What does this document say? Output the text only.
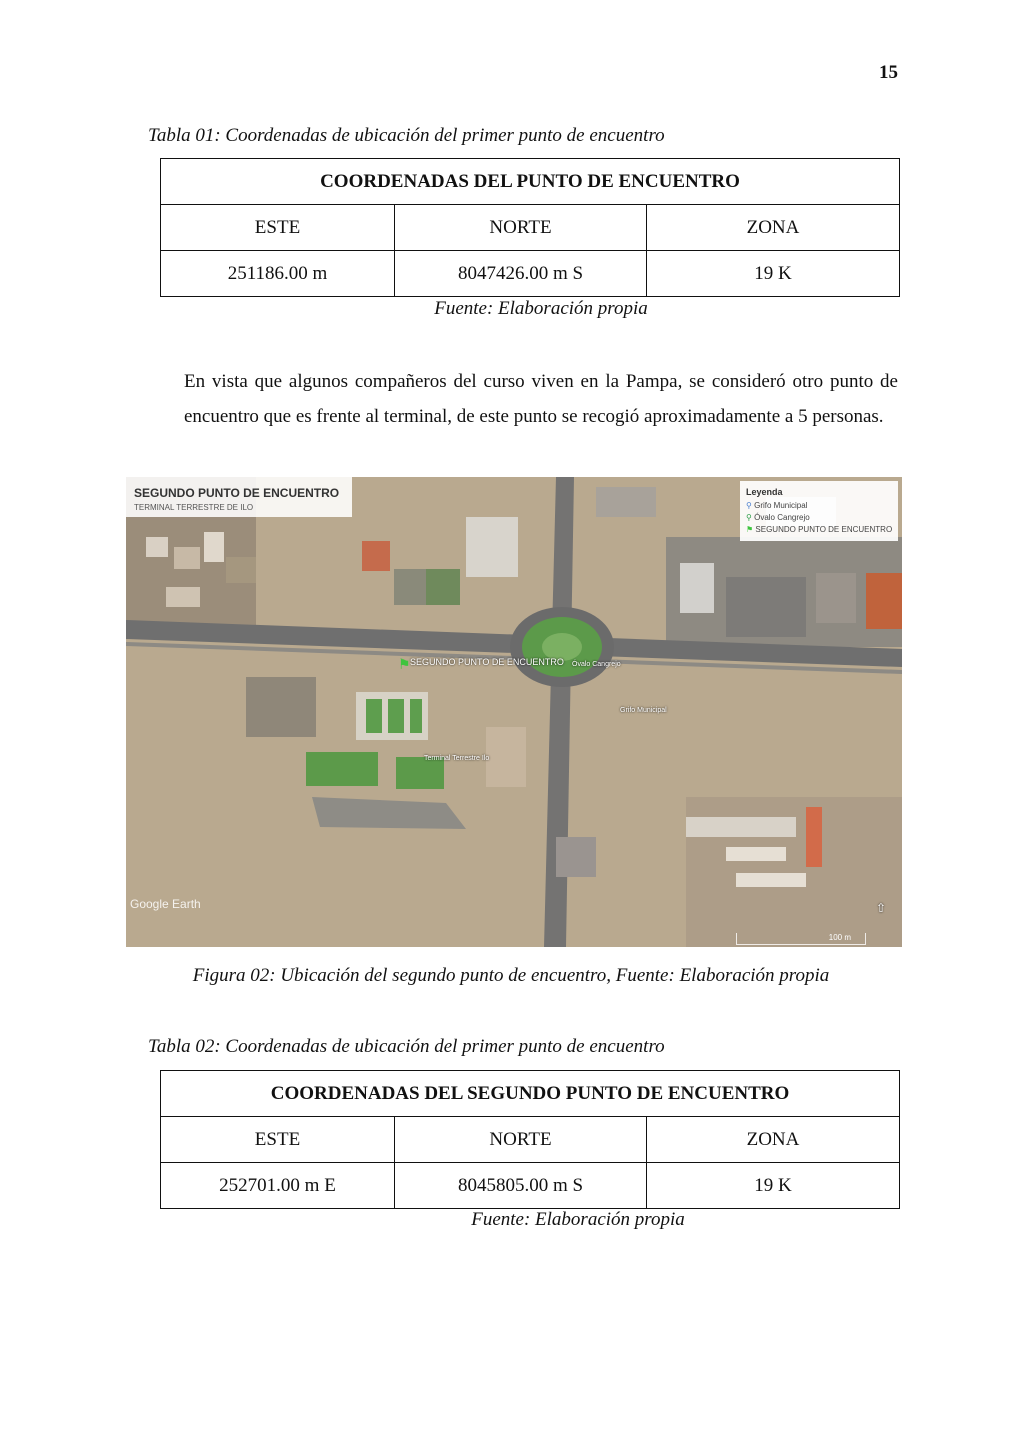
15
Tabla 01: Coordenadas de ubicación del primer punto de encuentro
COORDENADAS DEL PUNTO DE ENCUENTRO		
ESTE	NORTE	ZONA
251186.00 m	8047426.00 m S	19 K
Fuente: Elaboración propia
En vista que algunos compañeros del curso viven en la Pampa, se consideró otro punto de encuentro que es frente al terminal, de este punto se recogió aproximadamente a 5 personas.
SEGUNDO PUNTO DE ENCUENTRO
TERMINAL TERRESTRE DE ILO
Leyenda
⚲ Grifo Municipal
⚲ Óvalo Cangrejo
⚑ SEGUNDO PUNTO DE ENCUENTRO
⚑ SEGUNDO PUNTO DE ENCUENTRO Óvalo Cangrejo
Grifo Municipal
Terminal Terrestre Ilo
Google Earth
100 m
⇧
Figura 02: Ubicación del segundo punto de encuentro, Fuente: Elaboración propia
Tabla 02: Coordenadas de ubicación del primer punto de encuentro
COORDENADAS DEL SEGUNDO PUNTO DE ENCUENTRO		
ESTE	NORTE	ZONA
252701.00 m E	8045805.00 m S	19 K
Fuente: Elaboración propia
